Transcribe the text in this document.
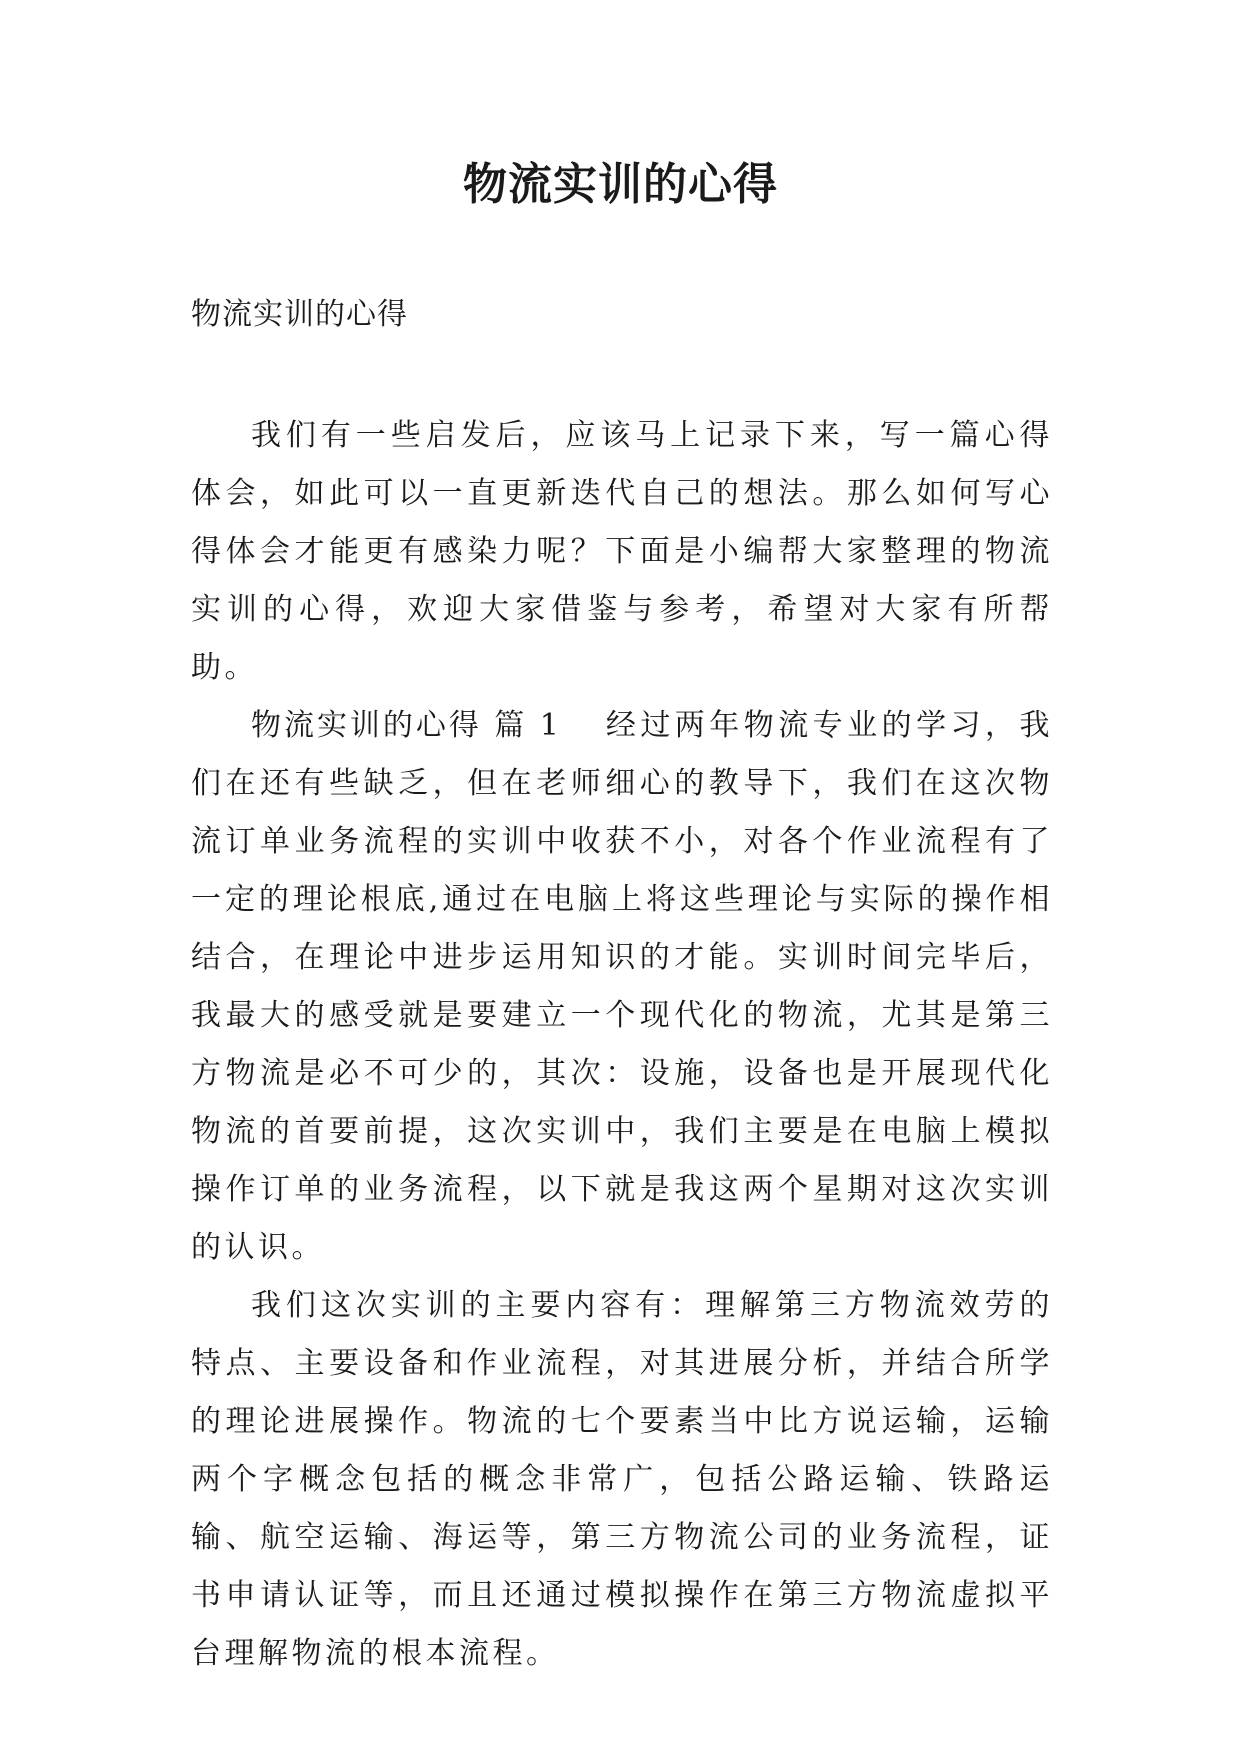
物流实训的心得

物流实训的心得

我们有一些启发后，应该马上记录下来，写一篇心得体会，如此可以一直更新迭代自己的想法。那么如何写心得体会才能更有感染力呢？下面是小编帮大家整理的物流实训的心得，欢迎大家借鉴与参考，希望对大家有所帮助。

物流实训的心得 篇 1 经过两年物流专业的学习，我们在还有些缺乏，但在老师细心的教导下，我们在这次物流订单业务流程的实训中收获不小，对各个作业流程有了一定的理论根底,通过在电脑上将这些理论与实际的操作相结合，在理论中进步运用知识的才能。实训时间完毕后，我最大的感受就是要建立一个现代化的物流，尤其是第三方物流是必不可少的，其次：设施，设备也是开展现代化物流的首要前提，这次实训中，我们主要是在电脑上模拟操作订单的业务流程，以下就是我这两个星期对这次实训的认识。

我们这次实训的主要内容有：理解第三方物流效劳的特点、主要设备和作业流程，对其进展分析，并结合所学的理论进展操作。物流的七个要素当中比方说运输，运输两个字概念包括的概念非常广，包括公路运输、铁路运输、航空运输、海运等，第三方物流公司的业务流程，证书申请认证等，而且还通过模拟操作在第三方物流虚拟平台理解物流的根本流程。
